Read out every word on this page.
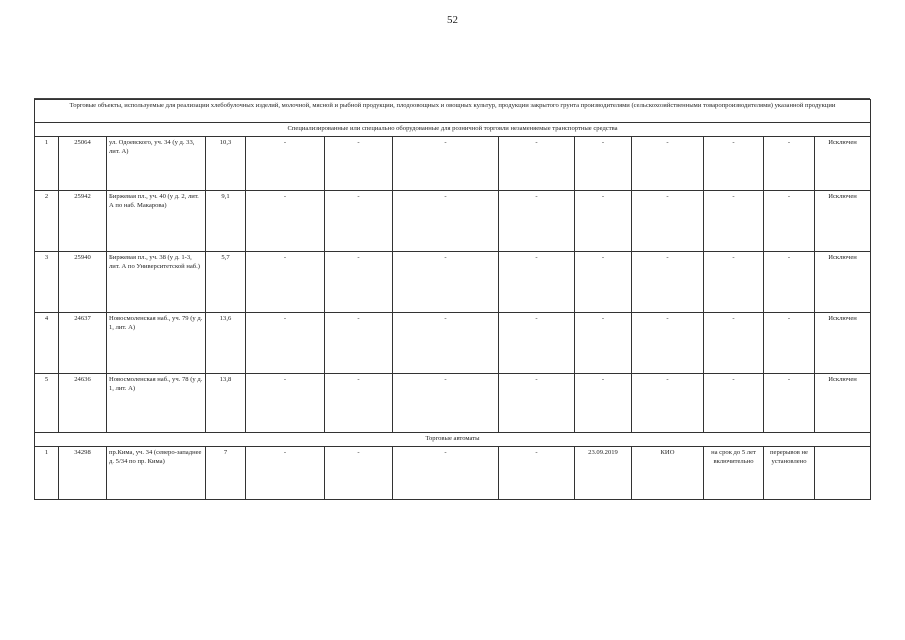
52
Торговые объекты, используемые для реализации хлебобулочных изделий, молочной, мясной и рыбной продукции, плодоовощных и овощных культур, продукции закрытого грунта производителями (сельскохозяйственными товаропроизводителями) указанной продукции												
Специализированные или специально оборудованные для розничной торговли незаменяемые транспортные средства												
1	25064	ул. Одоевского, уч. 34 (у д. 33, лит. А)	10,3	-	-	-	-	-	-	-	-	Исключен
2	25942	Биржевая пл., уч. 40 (у д. 2, лит. А по наб. Макарова)	9,1	-	-	-	-	-	-	-	-	Исключен
3	25940	Биржевая пл., уч. 38 (у д. 1-3, лит. А по Университетской наб.)	5,7	-	-	-	-	-	-	-	-	Исключен
4	24637	Новосмоленская наб., уч. 79 (у д. 1, лит. А)	13,6	-	-	-	-	-	-	-	-	Исключен
5	24636	Новосмоленская наб., уч. 78 (у д. 1, лит. А)	13,8	-	-	-	-	-	-	-	-	Исключен
Торговые автоматы												
1	34298	пр.Кима, уч. 34 (северо-западнее д. 5/34 по пр. Кима)	7	-	-	-	-	23.09.2019	КИО	на срок до 5 лет включительно	перерывов не установлено	
